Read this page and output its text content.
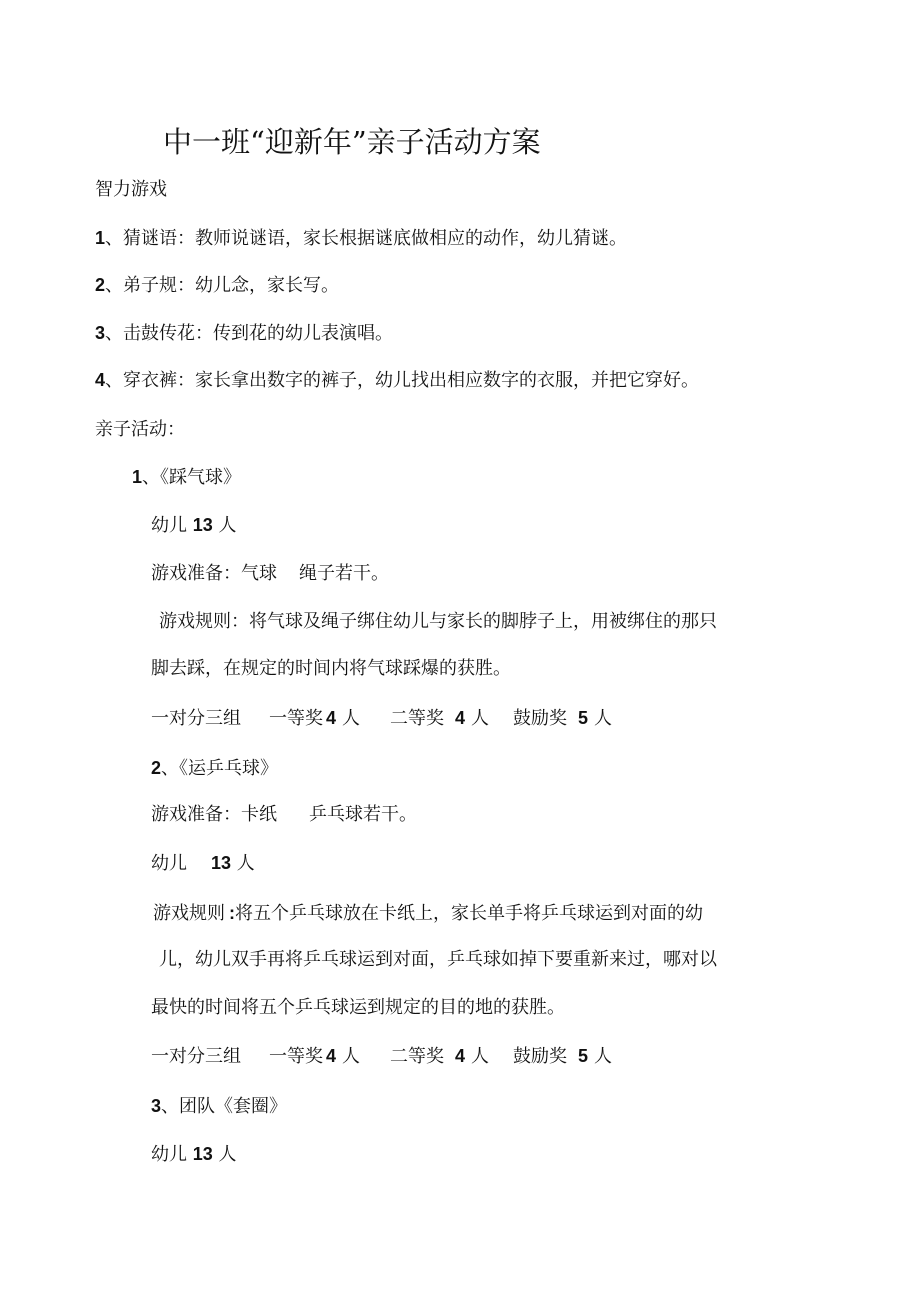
中一班“迎新年”亲子活动方案
智力游戏
1、猜谜语：教师说谜语，家长根据谜底做相应的动作，幼儿猜谜。
2、弟子规：幼儿念，家长写。
3、击鼓传花：传到花的幼儿表演唱。
4、穿衣裤：家长拿出数字的裤子，幼儿找出相应数字的衣服，并把它穿好。
亲子活动：
1、《踩气球》
幼儿 13 人
游戏准备：气球 绳子若干。
游戏规则：将气球及绳子绑住幼儿与家长的脚脖子上，用被绑住的那只
脚去踩，在规定的时间内将气球踩爆的获胜。
一对分三组 一等奖 4 人 二等奖 4 人 鼓励奖 5 人
2、《运乒乓球》
游戏准备：卡纸 乒乓球若干。
幼儿 13 人
游戏规则 :将五个乒乓球放在卡纸上，家长单手将乒乓球运到对面的幼
儿，幼儿双手再将乒乓球运到对面，乒乓球如掉下要重新来过，哪对以
最快的时间将五个乒乓球运到规定的目的地的获胜。
一对分三组 一等奖 4 人 二等奖 4 人 鼓励奖 5 人
3、团队《套圈》
幼儿 13 人
